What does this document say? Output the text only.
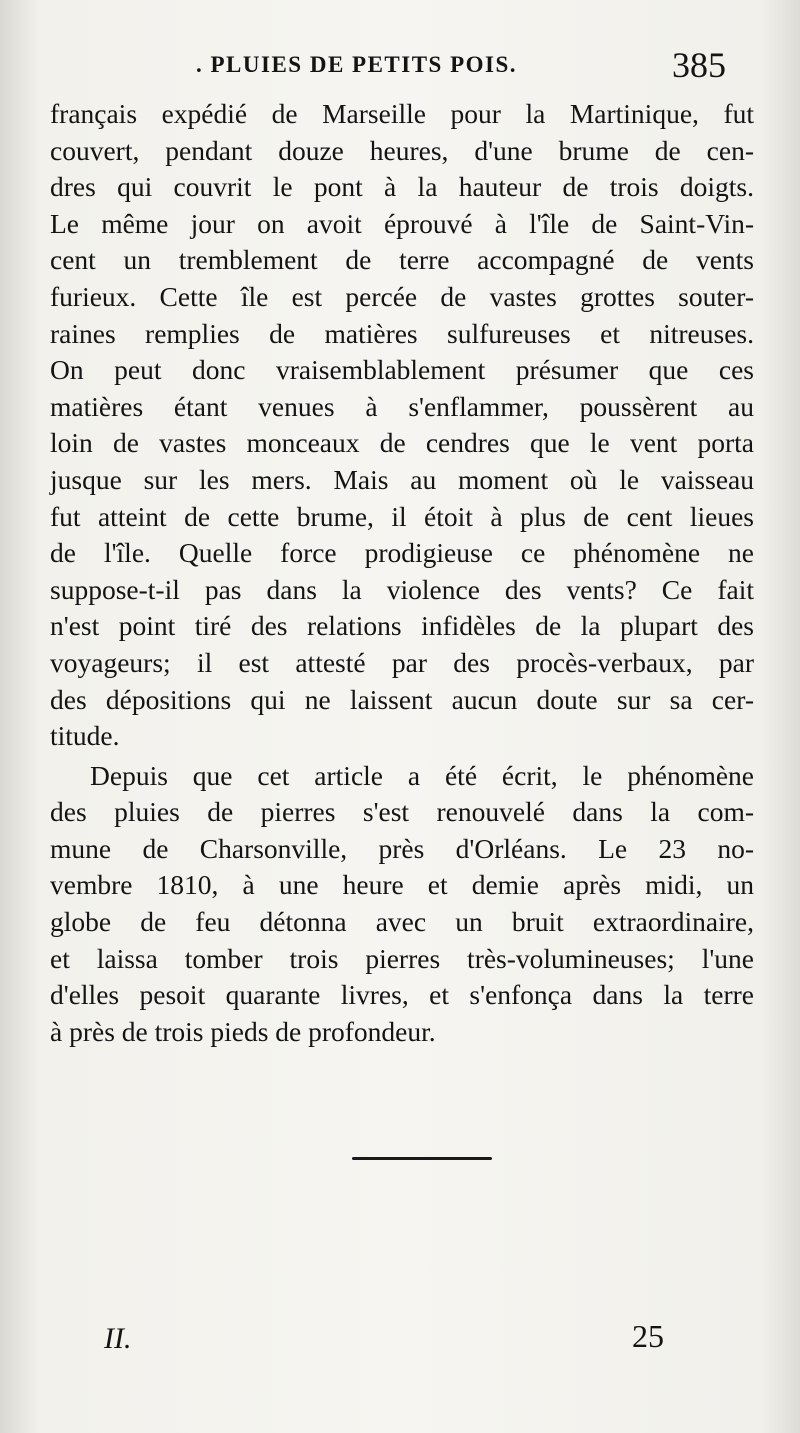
. PLUIES DE PETITS POIS.	385
français expédié de Marseille pour la Martinique, fut
couvert, pendant douze heures, d'une brume de cen-
dres qui couvrit le pont à la hauteur de trois doigts.
Le même jour on avoit éprouvé à l'île de Saint-Vin-
cent un tremblement de terre accompagné de vents
furieux. Cette île est percée de vastes grottes souter-
raines remplies de matières sulfureuses et nitreuses.
On peut donc vraisemblablement présumer que ces
matières étant venues à s'enflammer, poussèrent au
loin de vastes monceaux de cendres que le vent porta
jusque sur les mers. Mais au moment où le vaisseau
fut atteint de cette brume, il étoit à plus de cent lieues
de l'île. Quelle force prodigieuse ce phénomène ne
suppose-t-il pas dans la violence des vents? Ce fait
n'est point tiré des relations infidèles de la plupart des
voyageurs; il est attesté par des procès-verbaux, par
des dépositions qui ne laissent aucun doute sur sa cer-
titude.
Depuis que cet article a été écrit, le phénomène
des pluies de pierres s'est renouvelé dans la com-
mune de Charsonville, près d'Orléans. Le 23 no-
vembre 1810, à une heure et demie après midi, un
globe de feu détonna avec un bruit extraordinaire,
et laissa tomber trois pierres très-volumineuses; l'une
d'elles pesoit quarante livres, et s'enfonça dans la terre
à près de trois pieds de profondeur.
II.	25
